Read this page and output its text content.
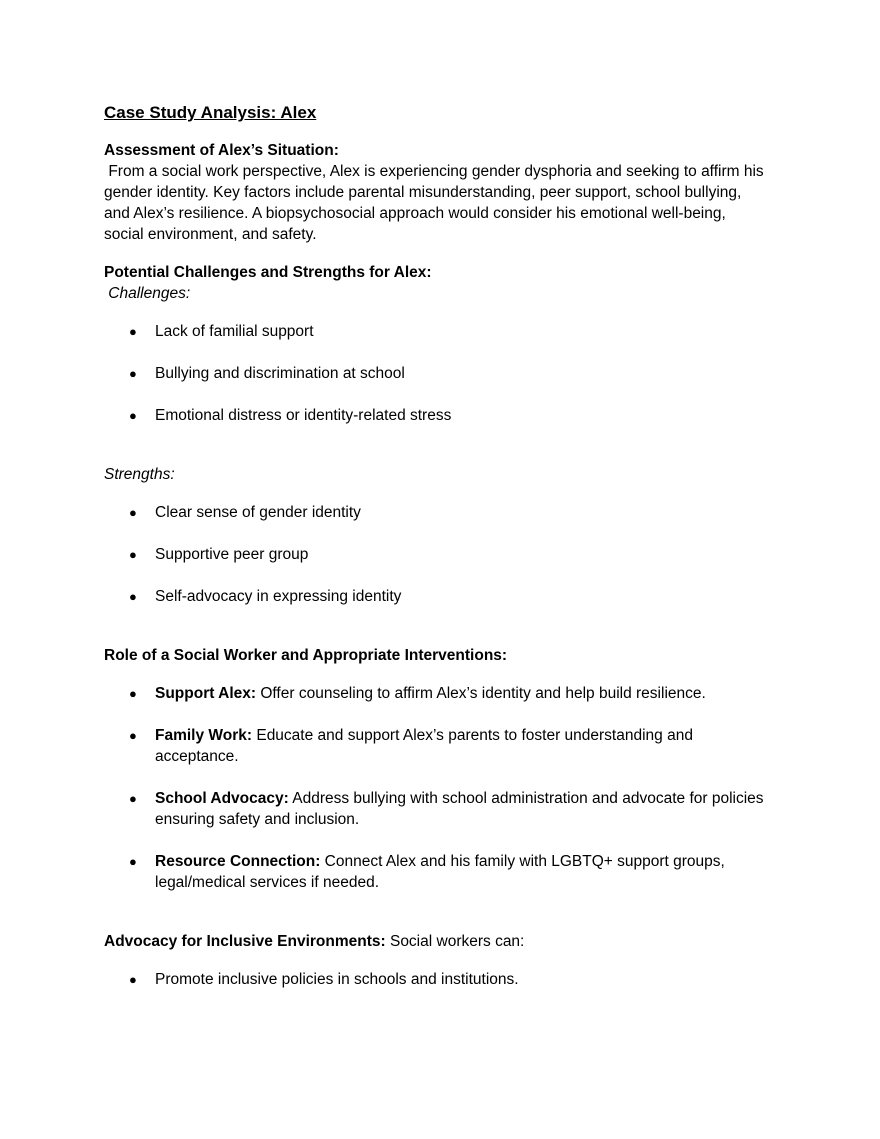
Case Study Analysis: Alex

Assessment of Alex’s Situation:

From a social work perspective, Alex is experiencing gender dysphoria and seeking to affirm his gender identity. Key factors include parental misunderstanding, peer support, school bullying, and Alex’s resilience. A biopsychosocial approach would consider his emotional well-being, social environment, and safety.

Potential Challenges and Strengths for Alex:

Challenges:

● Lack of familial support
● Bullying and discrimination at school
● Emotional distress or identity-related stress

Strengths:

● Clear sense of gender identity
● Supportive peer group
● Self-advocacy in expressing identity

Role of a Social Worker and Appropriate Interventions:

● Support Alex: Offer counseling to affirm Alex’s identity and help build resilience.
● Family Work: Educate and support Alex’s parents to foster understanding and acceptance.
● School Advocacy: Address bullying with school administration and advocate for policies ensuring safety and inclusion.
● Resource Connection: Connect Alex and his family with LGBTQ+ support groups, legal/medical services if needed.

Advocacy for Inclusive Environments: Social workers can:

● Promote inclusive policies in schools and institutions.
